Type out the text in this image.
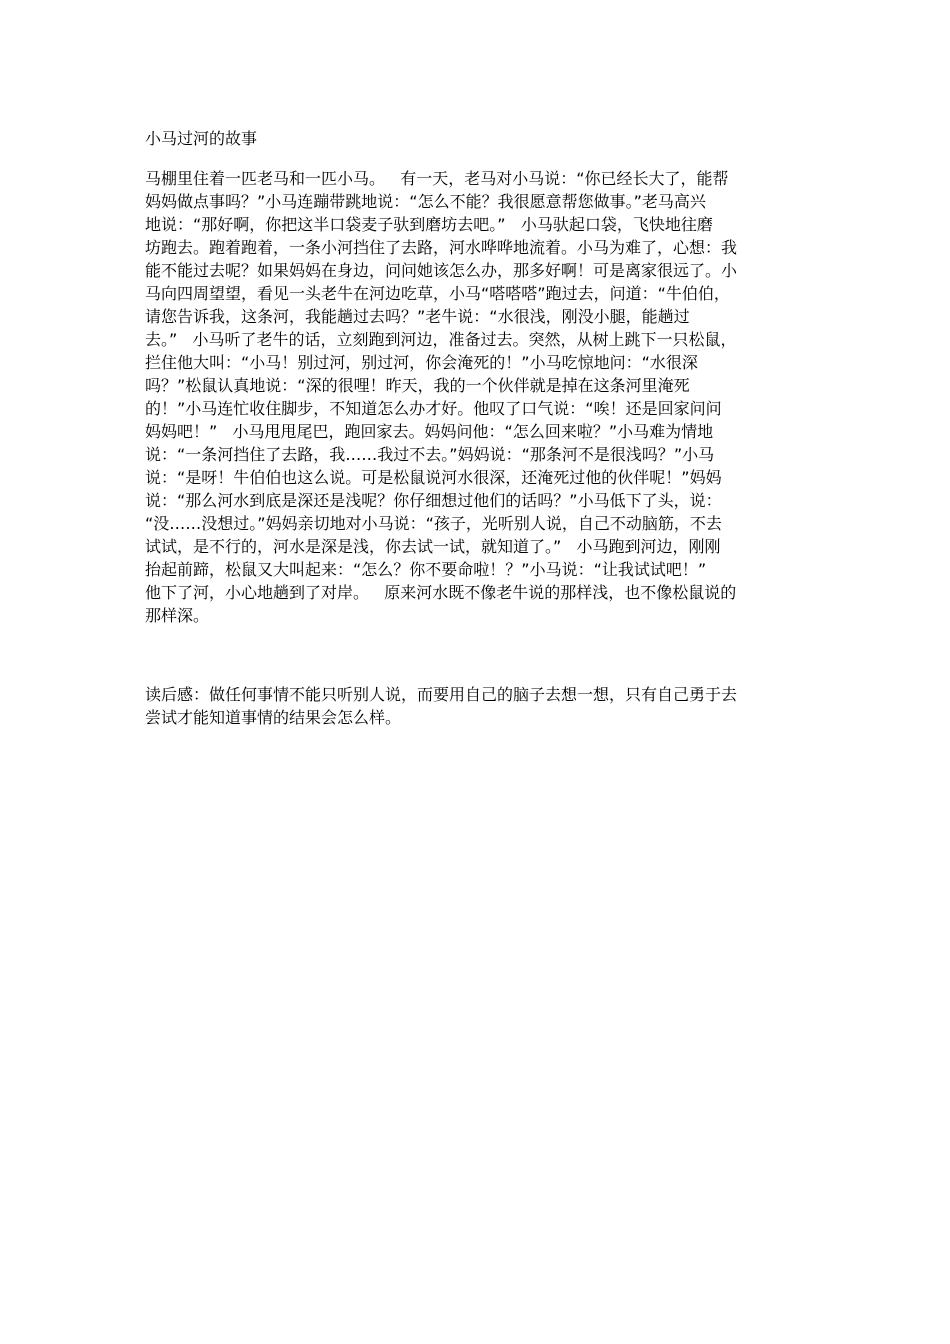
小马过河的故事
马棚里住着一匹老马和一匹小马。   有一天，老马对小马说：“你已经长大了，能帮
妈妈做点事吗？”小马连蹦带跳地说：“怎么不能？我很愿意帮您做事。”老马高兴
地说：“那好啊，你把这半口袋麦子驮到磨坊去吧。”   小马驮起口袋，飞快地往磨
坊跑去。跑着跑着，一条小河挡住了去路，河水哗哗地流着。小马为难了，心想：我
能不能过去呢？如果妈妈在身边，问问她该怎么办，那多好啊！可是离家很远了。小
马向四周望望，看见一头老牛在河边吃草，小马“嗒嗒嗒”跑过去，问道：“牛伯伯，
请您告诉我，这条河，我能趟过去吗？”老牛说：“水很浅，刚没小腿，能趟过
去。”   小马听了老牛的话，立刻跑到河边，准备过去。突然，从树上跳下一只松鼠，
拦住他大叫：“小马！别过河，别过河，你会淹死的！”小马吃惊地问：“水很深
吗？”松鼠认真地说：“深的很哩！昨天，我的一个伙伴就是掉在这条河里淹死
的！”小马连忙收住脚步，不知道怎么办才好。他叹了口气说：“唉！还是回家问问
妈妈吧！”   小马甩甩尾巴，跑回家去。妈妈问他：“怎么回来啦？”小马难为情地
说：“一条河挡住了去路，我……我过不去。”妈妈说：“那条河不是很浅吗？”小马
说：“是呀！牛伯伯也这么说。可是松鼠说河水很深，还淹死过他的伙伴呢！”妈妈
说：“那么河水到底是深还是浅呢？你仔细想过他们的话吗？”小马低下了头，说：
“没……没想过。”妈妈亲切地对小马说：“孩子，光听别人说，自己不动脑筋，不去
试试，是不行的，河水是深是浅，你去试一试，就知道了。”   小马跑到河边，刚刚
抬起前蹄，松鼠又大叫起来：“怎么？你不要命啦！？”小马说：“让我试试吧！”
他下了河，小心地趟到了对岸。   原来河水既不像老牛说的那样浅，也不像松鼠说的
那样深。
读后感：做任何事情不能只听别人说，而要用自己的脑子去想一想，只有自己勇于去
尝试才能知道事情的结果会怎么样。
